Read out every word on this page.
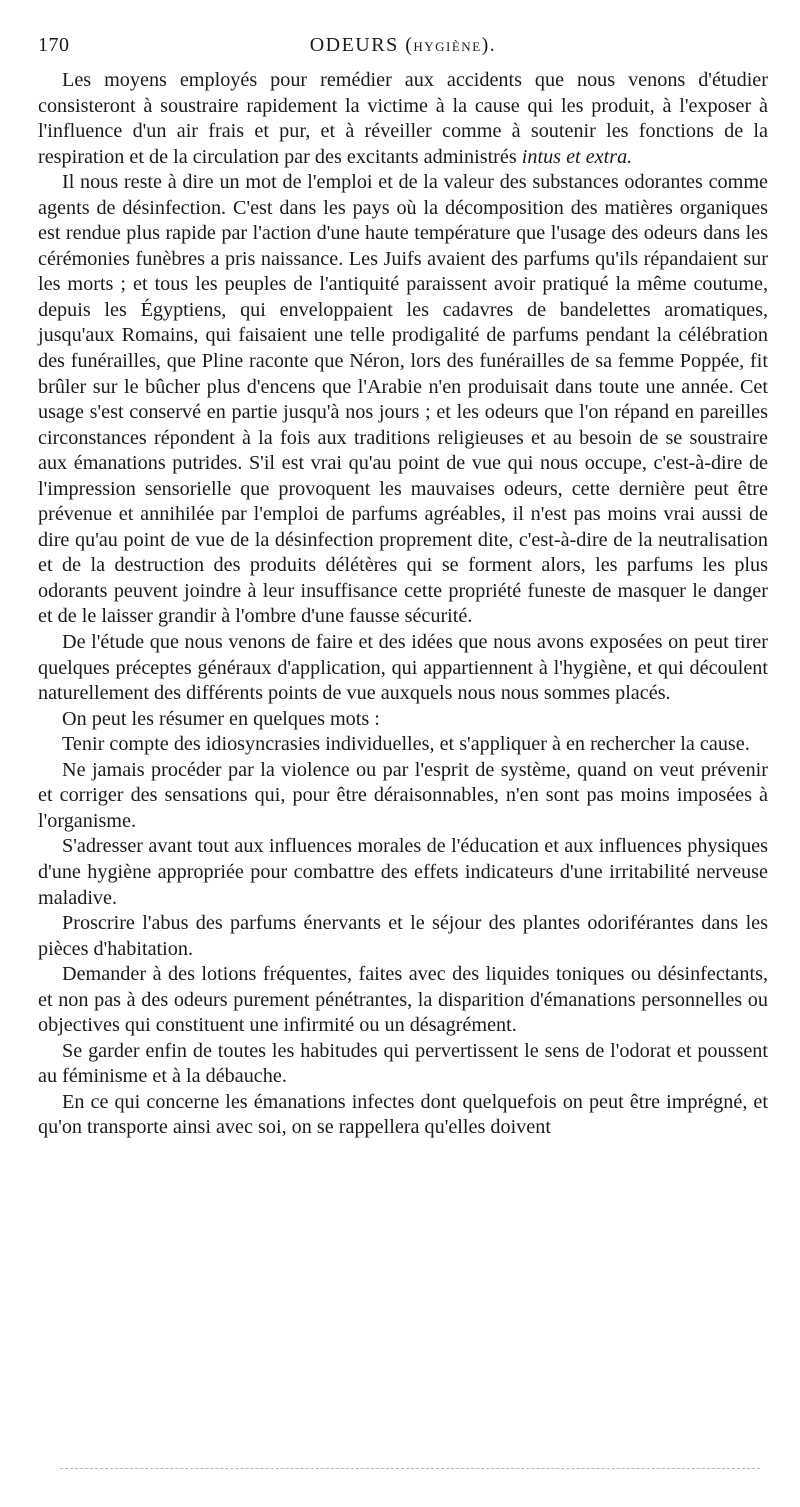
170	ODEURS (HYGIÈNE).

Les moyens employés pour remédier aux accidents que nous venons d'étudier consisteront à soustraire rapidement la victime à la cause qui les produit, à l'exposer à l'influence d'un air frais et pur, et à réveiller comme à soutenir les fonctions de la respiration et de la circulation par des excitants administrés intus et extra.

Il nous reste à dire un mot de l'emploi et de la valeur des substances odorantes comme agents de désinfection. C'est dans les pays où la décomposition des matières organiques est rendue plus rapide par l'action d'une haute température que l'usage des odeurs dans les cérémonies funèbres a pris naissance. Les Juifs avaient des parfums qu'ils répandaient sur les morts ; et tous les peuples de l'antiquité paraissent avoir pratiqué la même coutume, depuis les Égyptiens, qui enveloppaient les cadavres de bandelettes aromatiques, jusqu'aux Romains, qui faisaient une telle prodigalité de parfums pendant la célébration des funérailles, que Pline raconte que Néron, lors des funérailles de sa femme Poppée, fit brûler sur le bûcher plus d'encens que l'Arabie n'en produisait dans toute une année. Cet usage s'est conservé en partie jusqu'à nos jours ; et les odeurs que l'on répand en pareilles circonstances répondent à la fois aux traditions religieuses et au besoin de se soustraire aux émanations putrides. S'il est vrai qu'au point de vue qui nous occupe, c'est-à-dire de l'impression sensorielle que provoquent les mauvaises odeurs, cette dernière peut être prévenue et annihilée par l'emploi de parfums agréables, il n'est pas moins vrai aussi de dire qu'au point de vue de la désinfection proprement dite, c'est-à-dire de la neutralisation et de la destruction des produits délétères qui se forment alors, les parfums les plus odorants peuvent joindre à leur insuffisance cette propriété funeste de masquer le danger et de le laisser grandir à l'ombre d'une fausse sécurité.

De l'étude que nous venons de faire et des idées que nous avons exposées on peut tirer quelques préceptes généraux d'application, qui appartiennent à l'hygiène, et qui découlent naturellement des différents points de vue auxquels nous nous sommes placés.

On peut les résumer en quelques mots :

Tenir compte des idiosyncrasies individuelles, et s'appliquer à en rechercher la cause.

Ne jamais procéder par la violence ou par l'esprit de système, quand on veut prévenir et corriger des sensations qui, pour être déraisonnables, n'en sont pas moins imposées à l'organisme.

S'adresser avant tout aux influences morales de l'éducation et aux influences physiques d'une hygiène appropriée pour combattre des effets indicateurs d'une irritabilité nerveuse maladive.

Proscrire l'abus des parfums énervants et le séjour des plantes odoriférantes dans les pièces d'habitation.

Demander à des lotions fréquentes, faites avec des liquides toniques ou désinfectants, et non pas à des odeurs purement pénétrantes, la disparition d'émanations personnelles ou objectives qui constituent une infirmité ou un désagrément.

Se garder enfin de toutes les habitudes qui pervertissent le sens de l'odorat et poussent au féminisme et à la débauche.

En ce qui concerne les émanations infectes dont quelquefois on peut être imprégné, et qu'on transporte ainsi avec soi, on se rappellera qu'elles doivent
